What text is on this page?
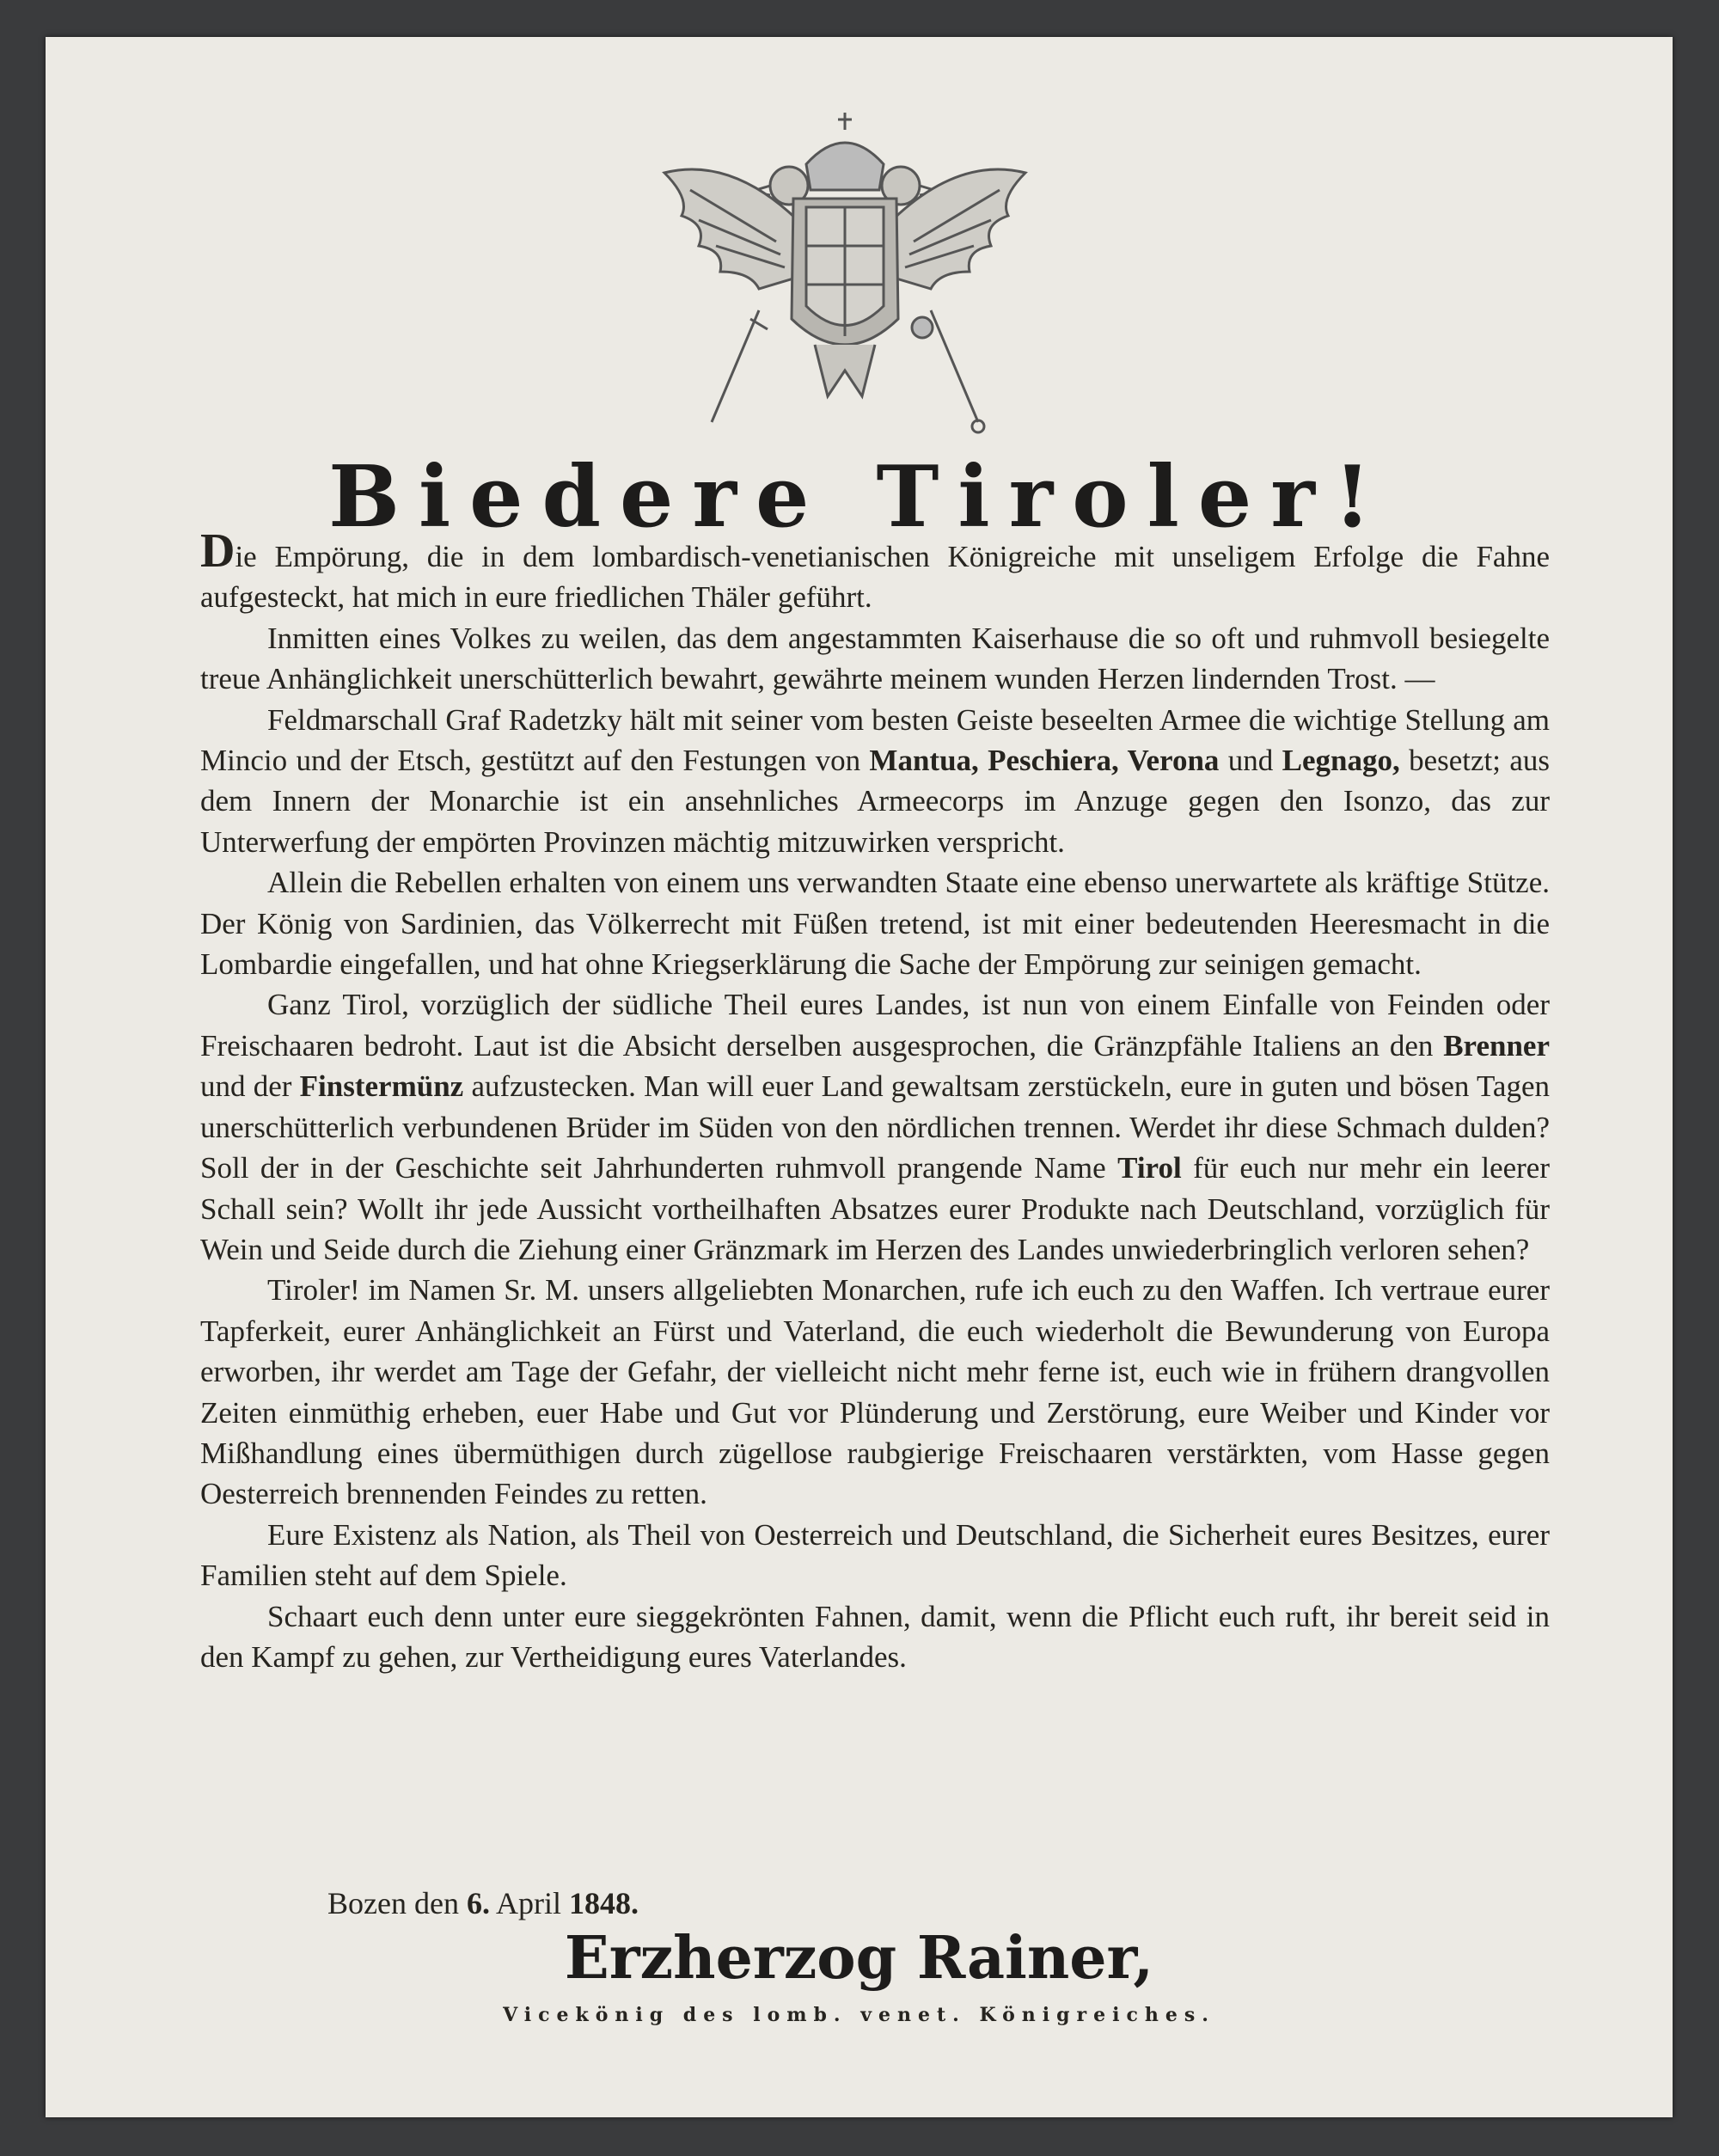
Biedere Tiroler!

Die Empörung, die in dem lombardisch-venetianischen Königreiche mit unseligem Erfolge die Fahne aufgesteckt, hat mich in eure friedlichen Thäler geführt.

Inmitten eines Volkes zu weilen, das dem angestammten Kaiserhause die so oft und ruhmvoll besiegelte treue Anhänglichkeit unerschütterlich bewahrt, gewährte meinem wunden Herzen lindernden Trost. —

Feldmarschall Graf Radetzky hält mit seiner vom besten Geiste beseelten Armee die wichtige Stellung am Mincio und der Etsch, gestützt auf den Festungen von Mantua, Peschiera, Verona und Legnago, besetzt; aus dem Innern der Monarchie ist ein ansehnliches Armeecorps im Anzuge gegen den Isonzo, das zur Unterwerfung der empörten Provinzen mächtig mitzuwirken verspricht.

Allein die Rebellen erhalten von einem uns verwandten Staate eine ebenso unerwartete als kräftige Stütze. Der König von Sardinien, das Völkerrecht mit Füßen tretend, ist mit einer bedeutenden Heeresmacht in die Lombardie eingefallen, und hat ohne Kriegserklärung die Sache der Empörung zur seinigen gemacht.

Ganz Tirol, vorzüglich der südliche Theil eures Landes, ist nun von einem Einfalle von Feinden oder Freischaaren bedroht. Laut ist die Absicht derselben ausgesprochen, die Gränzpfähle Italiens an den Brenner und der Finstermünz aufzustecken. Man will euer Land gewaltsam zerstückeln, eure in guten und bösen Tagen unerschütterlich verbundenen Brüder im Süden von den nördlichen trennen. Werdet ihr diese Schmach dulden? Soll der in der Geschichte seit Jahrhunderten ruhmvoll prangende Name Tirol für euch nur mehr ein leerer Schall sein? Wollt ihr jede Aussicht vortheilhaften Absatzes eurer Produkte nach Deutschland, vorzüglich für Wein und Seide durch die Ziehung einer Gränzmark im Herzen des Landes unwiederbringlich verloren sehen?

Tiroler! im Namen Sr. M. unsers allgeliebten Monarchen, rufe ich euch zu den Waffen. Ich vertraue eurer Tapferkeit, eurer Anhänglichkeit an Fürst und Vaterland, die euch wiederholt die Bewunderung von Europa erworben, ihr werdet am Tage der Gefahr, der vielleicht nicht mehr ferne ist, euch wie in frühern drangvollen Zeiten einmüthig erheben, euer Habe und Gut vor Plünderung und Zerstörung, eure Weiber und Kinder vor Mißhandlung eines übermüthigen durch zügellose raubgierige Freischaaren verstärkten, vom Hasse gegen Oesterreich brennenden Feindes zu retten.

Eure Existenz als Nation, als Theil von Oesterreich und Deutschland, die Sicherheit eures Besitzes, eurer Familien steht auf dem Spiele.

Schaart euch denn unter eure sieggekrönten Fahnen, damit, wenn die Pflicht euch ruft, ihr bereit seid in den Kampf zu gehen, zur Vertheidigung eures Vaterlandes.

Bozen den 6. April 1848.
Erzherzog Rainer,
Vicekönig des lomb. venet. Königreiches.
